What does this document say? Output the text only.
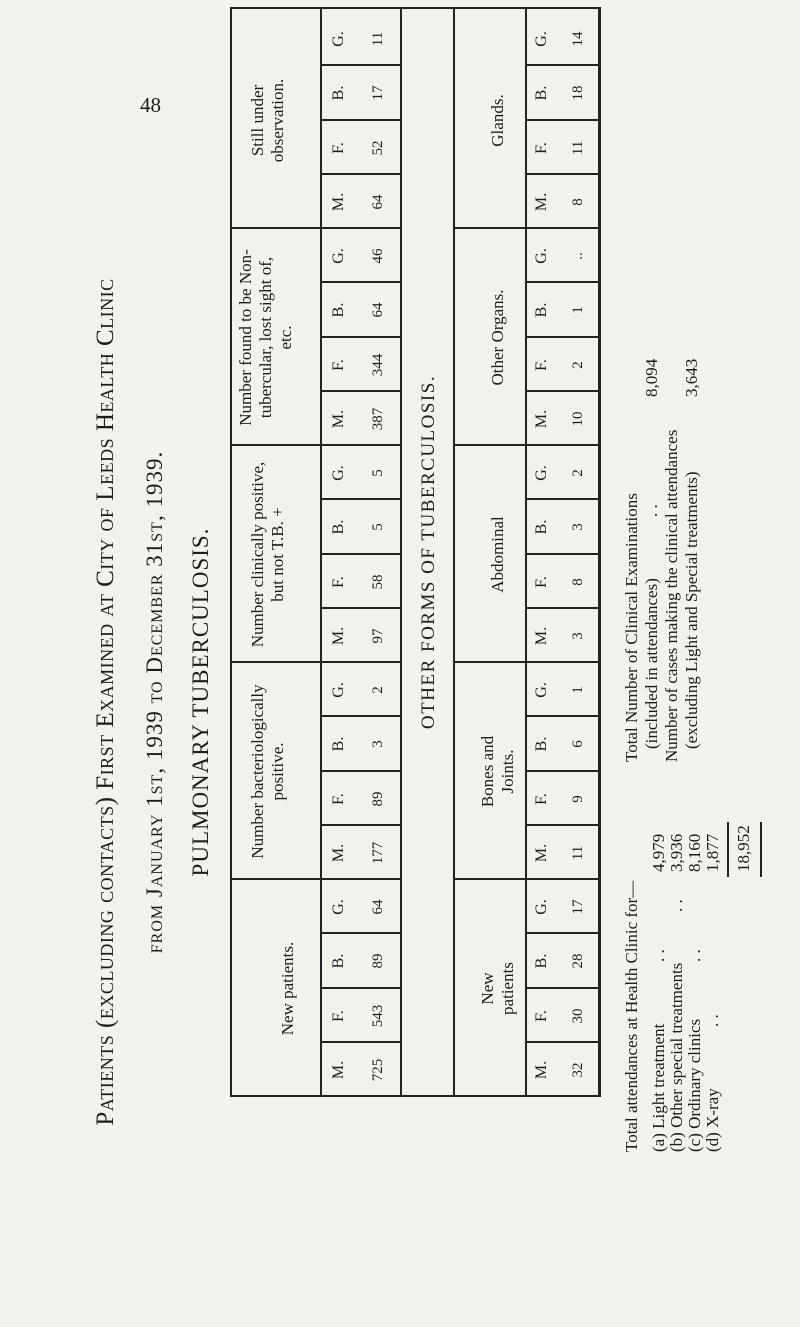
48
Patients (excluding contacts) First Examined at City of Leeds Health Clinic from January 1st, 1939 to December 31st, 1939. PULMONARY TUBERCULOSIS.	OTHER FORMS OF TUBERCULOSIS.
New patients.
Number bacteriologically positive.
Number clinically positive, but not T.B. +
Number found to be Non-tubercular, lost sight of, etc.
Still under observation.
M.
F.
B.
G.
725
543
89
64
M.
F.
B.
G.
177
89
3
2
M.
F.
B.
G.
97
58
5
5
M.
F.
B.
G.
387
344
64
46
M.
F.
B.
G.
64
52
17
11
New patients
Bones and Joints.
Abdominal
Other Organs.
Glands.
M.
F.
B.
G.
32
30
28
17
M.
F.
B.
G.
11
9
6
1
M.
F.
B.
G.
3
8
3
2
M.
F.
B.
G.
10
2
1
..
M.
F.
B.
G.
8
11
18
14
Total attendances at Health Clinic for— (a) Light treatment
. .
4,979
(b) Other special treatments
. .
3,936
(c) Ordinary clinics
. .
8,160
(d) X-ray
. .
1,877 18,952
Total Number of Clinical Examinations (included in attendances)
. .
8,094
Number of cases making the clinical attendances (excluding Light and Special treatments)
3,643
